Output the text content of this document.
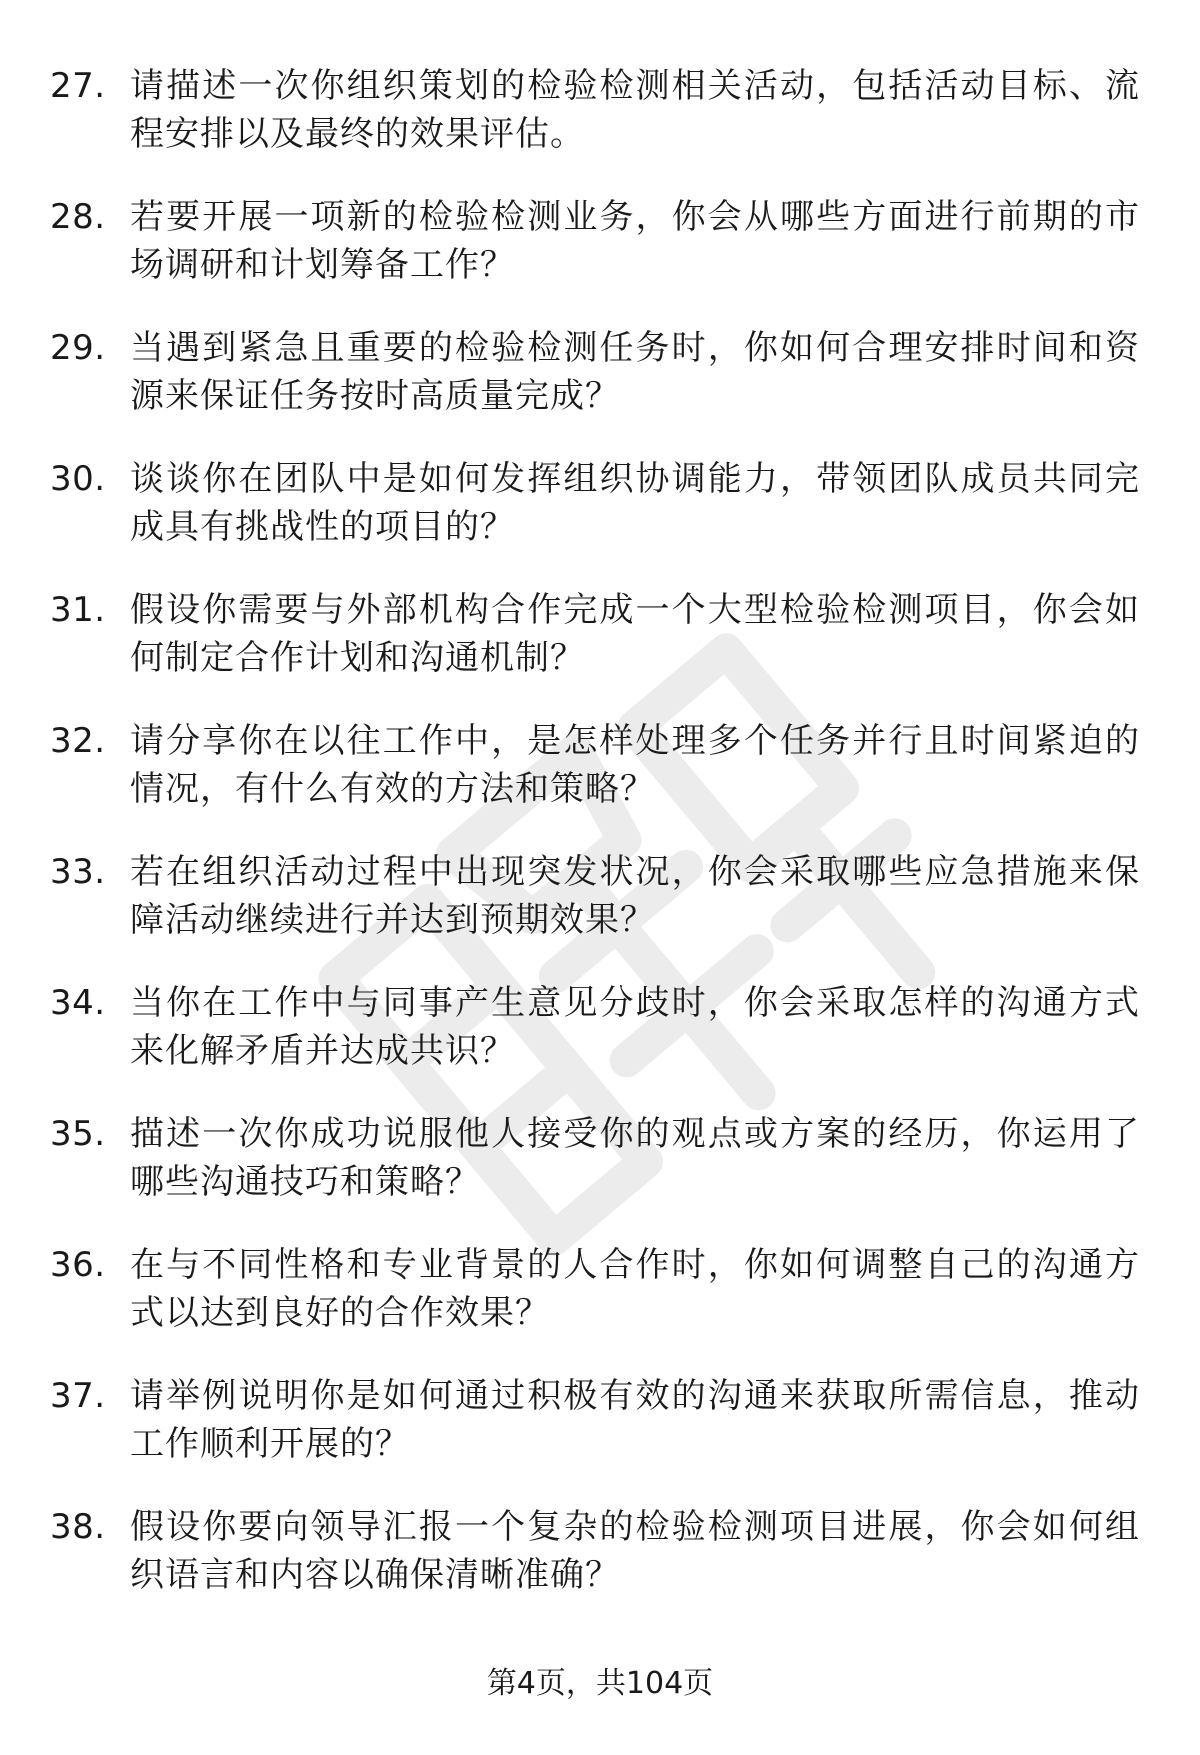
27. 请描述一次你组织策划的检验检测相关活动，包括活动目标、流程安排以及最终的效果评估。
28. 若要开展一项新的检验检测业务，你会从哪些方面进行前期的市场调研和计划筹备工作？
29. 当遇到紧急且重要的检验检测任务时，你如何合理安排时间和资源来保证任务按时高质量完成？
30. 谈谈你在团队中是如何发挥组织协调能力，带领团队成员共同完成具有挑战性的项目的？
31. 假设你需要与外部机构合作完成一个大型检验检测项目，你会如何制定合作计划和沟通机制？
32. 请分享你在以往工作中，是怎样处理多个任务并行且时间紧迫的情况，有什么有效的方法和策略？
33. 若在组织活动过程中出现突发状况，你会采取哪些应急措施来保障活动继续进行并达到预期效果？
34. 当你在工作中与同事产生意见分歧时，你会采取怎样的沟通方式来化解矛盾并达成共识？
35. 描述一次你成功说服他人接受你的观点或方案的经历，你运用了哪些沟通技巧和策略？
36. 在与不同性格和专业背景的人合作时，你如何调整自己的沟通方式以达到良好的合作效果？
37. 请举例说明你是如何通过积极有效的沟通来获取所需信息，推动工作顺利开展的？
38. 假设你要向领导汇报一个复杂的检验检测项目进展，你会如何组织语言和内容以确保清晰准确？
第4页，共104页
